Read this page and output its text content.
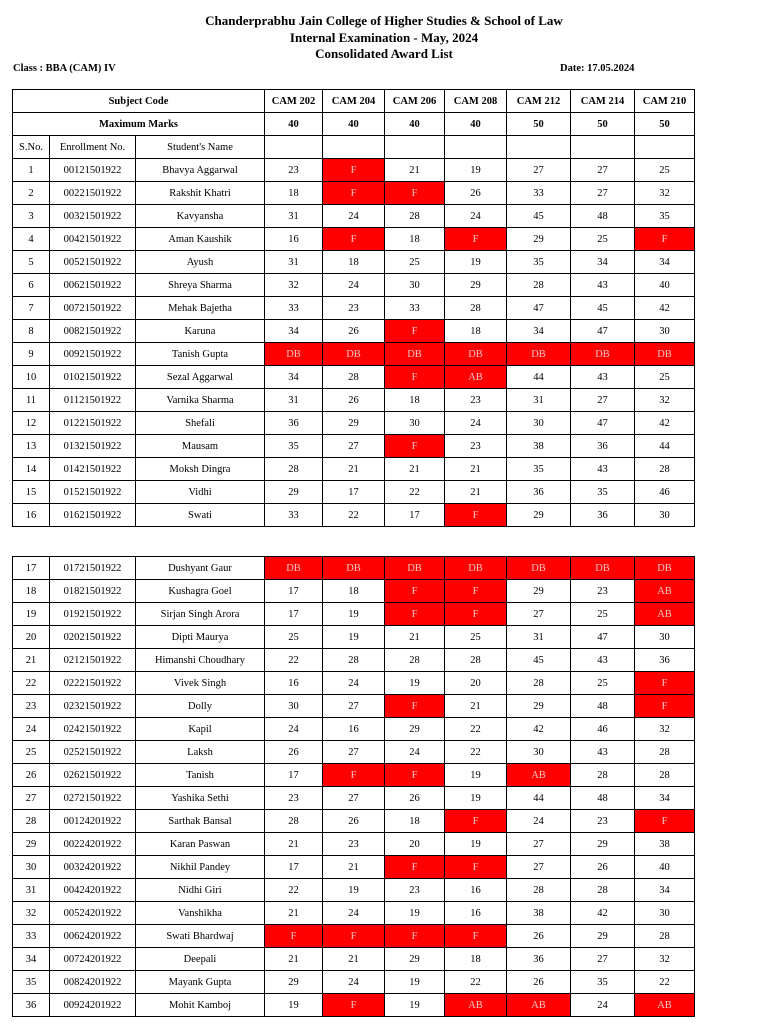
Chanderprabhu Jain College of Higher Studies & School of Law
Internal Examination - May, 2024
Consolidated Award List
Class : BBA (CAM) IV	Date: 17.05.2024
Subject Code			CAM 202	CAM 204	CAM 206	CAM 208	CAM 212	CAM 214	CAM 210
Maximum Marks			40	40	40	40	50	50	50
S.No.	Enrollment No.	Student's Name							
1	00121501922	Bhavya Aggarwal	23	F	21	19	27	27	25
2	00221501922	Rakshit Khatri	18	F	F	26	33	27	32
3	00321501922	Kavyansha	31	24	28	24	45	48	35
4	00421501922	Aman Kaushik	16	F	18	F	29	25	F
5	00521501922	Ayush	31	18	25	19	35	34	34
6	00621501922	Shreya Sharma	32	24	30	29	28	43	40
7	00721501922	Mehak Bajetha	33	23	33	28	47	45	42
8	00821501922	Karuna	34	26	F	18	34	47	30
9	00921501922	Tanish Gupta	DB	DB	DB	DB	DB	DB	DB
10	01021501922	Sezal Aggarwal	34	28	F	AB	44	43	25
11	01121501922	Varnika Sharma	31	26	18	23	31	27	32
12	01221501922	Shefali	36	29	30	24	30	47	42
13	01321501922	Mausam	35	27	F	23	38	36	44
14	01421501922	Moksh Dingra	28	21	21	21	35	43	28
15	01521501922	Vidhi	29	17	22	21	36	35	46
16	01621501922	Swati	33	22	17	F	29	36	30
17	01721501922	Dushyant Gaur	DB	DB	DB	DB	DB	DB	DB
18	01821501922	Kushagra Goel	17	18	F	F	29	23	AB
19	01921501922	Sirjan Singh Arora	17	19	F	F	27	25	AB
20	02021501922	Dipti Maurya	25	19	21	25	31	47	30
21	02121501922	Himanshi Choudhary	22	28	28	28	45	43	36
22	02221501922	Vivek Singh	16	24	19	20	28	25	F
23	02321501922	Dolly	30	27	F	21	29	48	F
24	02421501922	Kapil	24	16	29	22	42	46	32
25	02521501922	Laksh	26	27	24	22	30	43	28
26	02621501922	Tanish	17	F	F	19	AB	28	28
27	02721501922	Yashika Sethi	23	27	26	19	44	48	34
28	00124201922	Sarthak Bansal	28	26	18	F	24	23	F
29	00224201922	Karan Paswan	21	23	20	19	27	29	38
30	00324201922	Nikhil Pandey	17	21	F	F	27	26	40
31	00424201922	Nidhi Giri	22	19	23	16	28	28	34
32	00524201922	Vanshikha	21	24	19	16	38	42	30
33	00624201922	Swati Bhardwaj	F	F	F	F	26	29	28
34	00724201922	Deepali	21	21	29	18	36	27	32
35	00824201922	Mayank Gupta	29	24	19	22	26	35	22
36	00924201922	Mohit Kamboj	19	F	19	AB	AB	24	AB
